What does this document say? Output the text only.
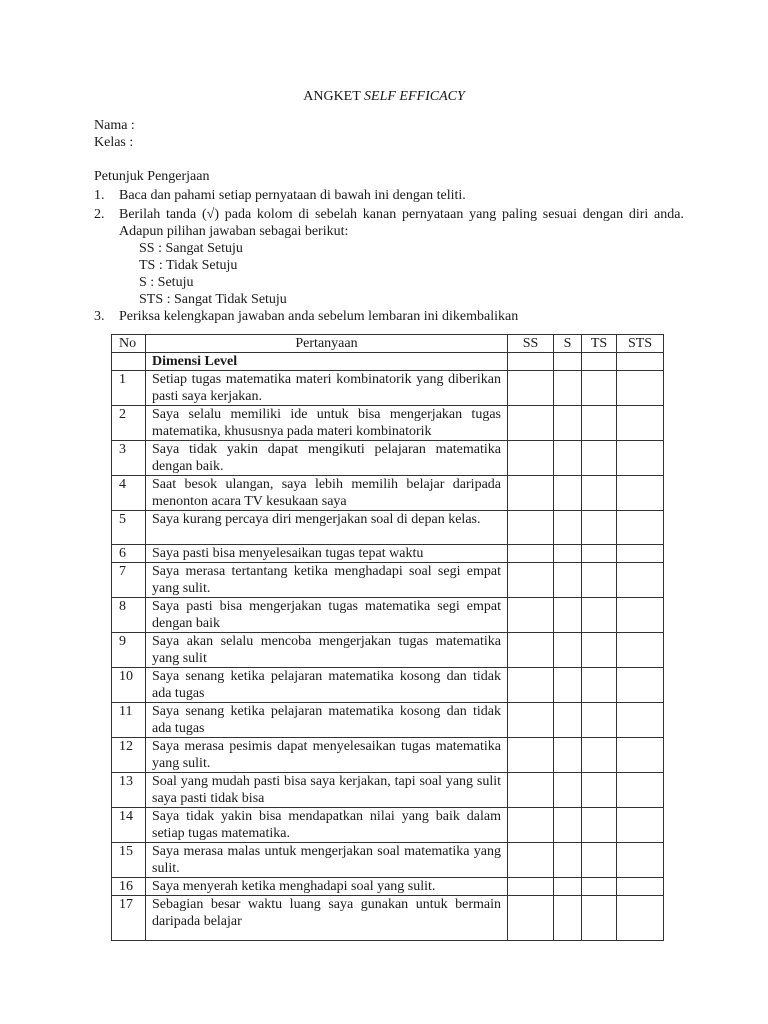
ANGKET SELF EFFICACY
Nama :
Kelas :
Petunjuk Pengerjaan
1. Baca dan pahami setiap pernyataan di bawah ini dengan teliti.
2. Berilah tanda (√) pada kolom di sebelah kanan pernyataan yang paling sesuai dengan diri anda. Adapun pilihan jawaban sebagai berikut:
SS : Sangat Setuju
TS : Tidak Setuju
S : Setuju
STS : Sangat Tidak Setuju
3. Periksa kelengkapan jawaban anda sebelum lembaran ini dikembalikan
No	Pertanyaan	SS	S	TS	STS
	Dimensi Level				
1	Setiap tugas matematika materi kombinatorik yang diberikan pasti saya kerjakan.				
2	Saya selalu memiliki ide untuk bisa mengerjakan tugas matematika, khususnya pada materi kombinatorik				
3	Saya tidak yakin dapat mengikuti pelajaran matematika dengan baik.				
4	Saat besok ulangan, saya lebih memilih belajar daripada menonton acara TV kesukaan saya				
5	Saya kurang percaya diri mengerjakan soal di depan kelas.				
6	Saya pasti bisa menyelesaikan tugas tepat waktu				
7	Saya merasa tertantang ketika menghadapi soal segi empat yang sulit.				
8	Saya pasti bisa mengerjakan tugas matematika segi empat dengan baik				
9	Saya akan selalu mencoba mengerjakan tugas matematika yang sulit				
10	Saya senang ketika pelajaran matematika kosong dan tidak ada tugas				
11	Saya senang ketika pelajaran matematika kosong dan tidak ada tugas				
12	Saya merasa pesimis dapat menyelesaikan tugas matematika yang sulit.				
13	Soal yang mudah pasti bisa saya kerjakan, tapi soal yang sulit saya pasti tidak bisa				
14	Saya tidak yakin bisa mendapatkan nilai yang baik dalam setiap tugas matematika.				
15	Saya merasa malas untuk mengerjakan soal matematika yang sulit.				
16	Saya menyerah ketika menghadapi soal yang sulit.				
17	Sebagian besar waktu luang saya gunakan untuk bermain daripada belajar				
